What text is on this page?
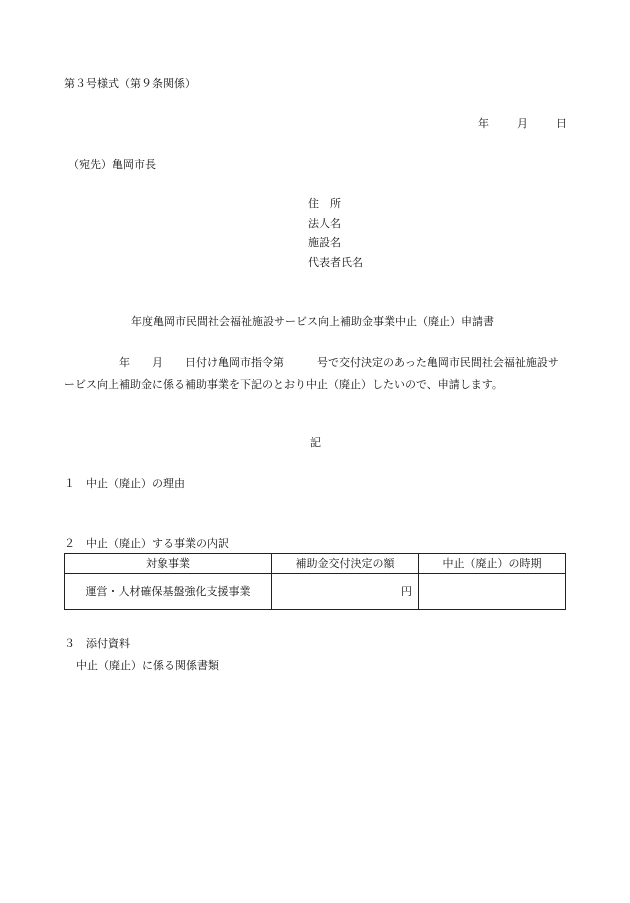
第３号様式（第９条関係）
年	月	日
（宛先）亀岡市長
住　所
法人名
施設名
代表者氏名
年度亀岡市民間社会福祉施設サービス向上補助金事業中止（廃止）申請書
　　　　　年　　月　　日付け亀岡市指令第　　　号で交付決定のあった亀岡市民間社会福祉施設サービス向上補助金に係る補助事業を下記のとおり中止（廃止）したいので、申請します。
記
１　中止（廃止）の理由
２　中止（廃止）する事業の内訳
対象事業	補助金交付決定の額	中止（廃止）の時期
運営・人材確保基盤強化支援事業	円	
３　添付資料
中止（廃止）に係る関係書類
